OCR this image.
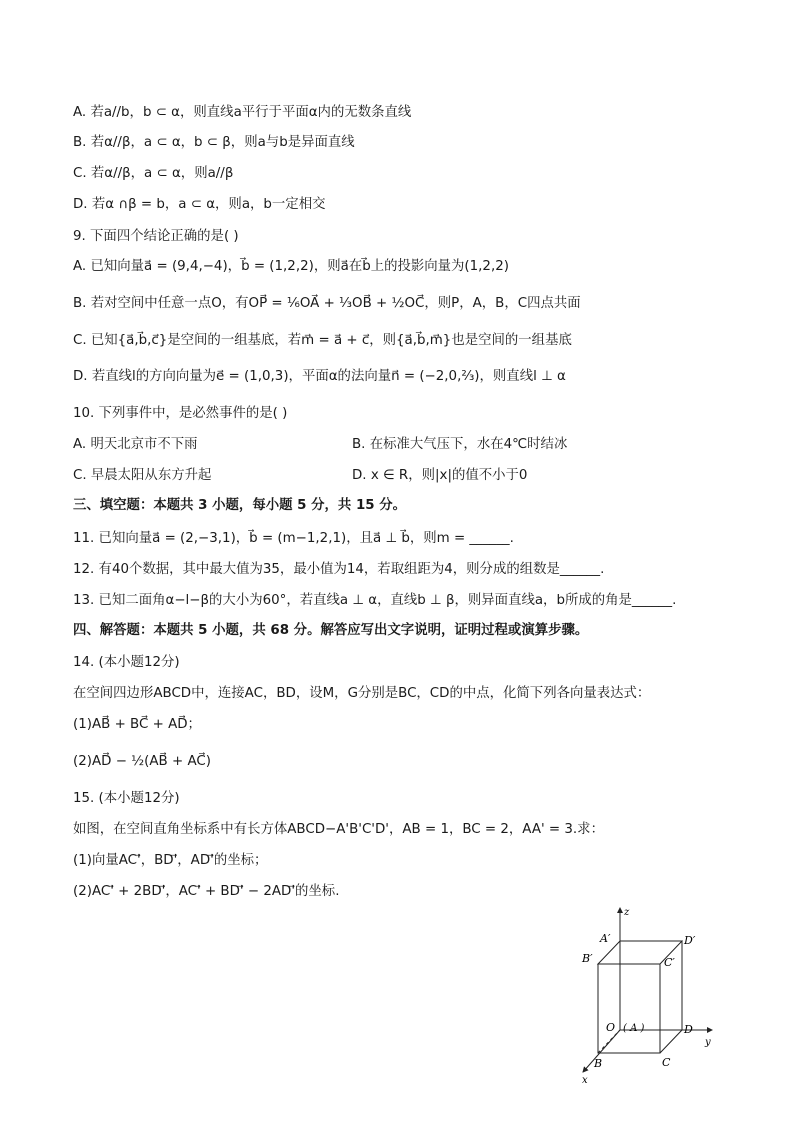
A. 若a//b，b ⊂ α，则直线a平行于平面α内的无数条直线
B. 若α//β，a ⊂ α，b ⊂ β，则a与b是异面直线
C. 若α//β，a ⊂ α，则a//β
D. 若α ∩β = b，a ⊂ α，则a，b一定相交
9. 下面四个结论正确的是( )
A. 已知向量a⃗ = (9,4,−4)，b⃗ = (1,2,2)，则a⃗在b⃗上的投影向量为(1,2,2)
B. 若对空间中任意一点O，有OP⃗ = ⅙OA⃗ + ⅓OB⃗ + ½OC⃗，则P，A，B，C四点共面
C. 已知{a⃗,b⃗,c⃗}是空间的一组基底，若m⃗ = a⃗ + c⃗，则{a⃗,b⃗,m⃗}也是空间的一组基底
D. 若直线l的方向向量为e⃗ = (1,0,3)，平面α的法向量n⃗ = (−2,0,⅔)，则直线l ⊥ α
10. 下列事件中，是必然事件的是( )
A. 明天北京市不下雨	B. 在标准大气压下，水在4℃时结冰
C. 早晨太阳从东方升起	D. x ∈ R，则|x|的值不小于0
三、填空题：本题共 3 小题，每小题 5 分，共 15 分。
11. 已知向量a⃗ = (2,−3,1)，b⃗ = (m−1,2,1)，且a⃗ ⊥ b⃗，则m = ______.
12. 有40个数据，其中最大值为35，最小值为14，若取组距为4，则分成的组数是______.
13. 已知二面角α−l−β的大小为60°，若直线a ⊥ α，直线b ⊥ β，则异面直线a，b所成的角是______.
四、解答题：本题共 5 小题，共 68 分。解答应写出文字说明，证明过程或演算步骤。
14. (本小题12分)
在空间四边形ABCD中，连接AC，BD，设M，G分别是BC，CD的中点，化简下列各向量表达式：
(1)AB⃗ + BC⃗ + AD⃗；
(2)AD⃗ − ½(AB⃗ + AC⃗)
15. (本小题12分)
如图，在空间直角坐标系中有长方体ABCD−A'B'C'D'，AB = 1，BC = 2，AA' = 3.求：
(1)向量AC'⃗，BD'⃗，AD'⃗的坐标；
(2)AC'⃗ + 2BD'⃗，AC'⃗ + BD'⃗ − 2AD'⃗的坐标.
z
y
x
A′	D′
B′	C′
O ( A )	D
B	C
